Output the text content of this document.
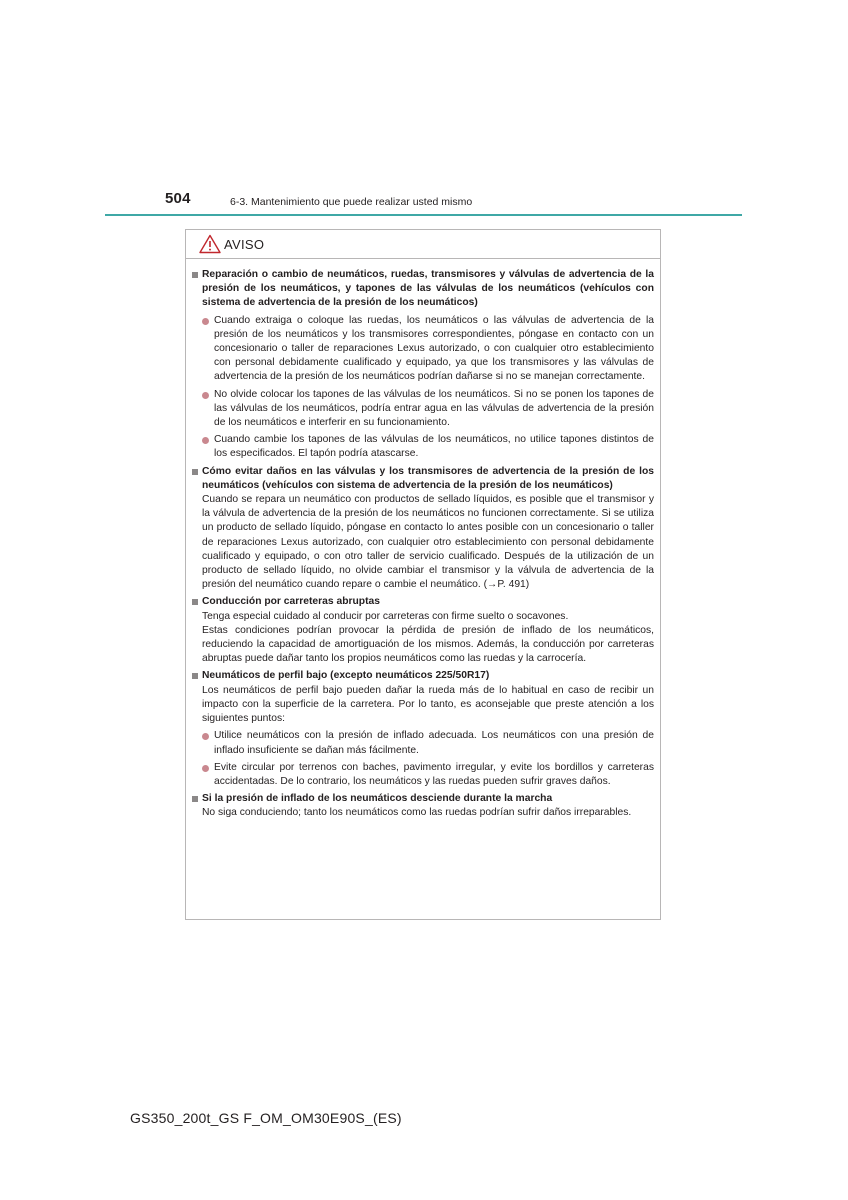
504	6-3. Mantenimiento que puede realizar usted mismo
AVISO
Reparación o cambio de neumáticos, ruedas, transmisores y válvulas de advertencia de la presión de los neumáticos, y tapones de las válvulas de los neumáticos (vehículos con sistema de advertencia de la presión de los neumáticos)
Cuando extraiga o coloque las ruedas, los neumáticos o las válvulas de advertencia de la presión de los neumáticos y los transmisores correspondientes, póngase en contacto con un concesionario o taller de reparaciones Lexus autorizado, o con cualquier otro establecimiento con personal debidamente cualificado y equipado, ya que los transmisores y las válvulas de advertencia de la presión de los neumáticos podrían dañarse si no se manejan correctamente.
No olvide colocar los tapones de las válvulas de los neumáticos. Si no se ponen los tapones de las válvulas de los neumáticos, podría entrar agua en las válvulas de advertencia de la presión de los neumáticos e interferir en su funcionamiento.
Cuando cambie los tapones de las válvulas de los neumáticos, no utilice tapones distintos de los especificados. El tapón podría atascarse.
Cómo evitar daños en las válvulas y los transmisores de advertencia de la presión de los neumáticos (vehículos con sistema de advertencia de la presión de los neumáticos)
Cuando se repara un neumático con productos de sellado líquidos, es posible que el transmisor y la válvula de advertencia de la presión de los neumáticos no funcionen correctamente. Si se utiliza un producto de sellado líquido, póngase en contacto lo antes posible con un concesionario o taller de reparaciones Lexus autorizado, con cualquier otro establecimiento con personal debidamente cualificado y equipado, o con otro taller de servicio cualificado. Después de la utilización de un producto de sellado líquido, no olvide cambiar el transmisor y la válvula de advertencia de la presión del neumático cuando repare o cambie el neumático. (→P. 491)
Conducción por carreteras abruptas
Tenga especial cuidado al conducir por carreteras con firme suelto o socavones.
Estas condiciones podrían provocar la pérdida de presión de inflado de los neumáticos, reduciendo la capacidad de amortiguación de los mismos. Además, la conducción por carreteras abruptas puede dañar tanto los propios neumáticos como las ruedas y la carrocería.
Neumáticos de perfil bajo (excepto neumáticos 225/50R17)
Los neumáticos de perfil bajo pueden dañar la rueda más de lo habitual en caso de recibir un impacto con la superficie de la carretera. Por lo tanto, es aconsejable que preste atención a los siguientes puntos:
Utilice neumáticos con la presión de inflado adecuada. Los neumáticos con una presión de inflado insuficiente se dañan más fácilmente.
Evite circular por terrenos con baches, pavimento irregular, y evite los bordillos y carreteras accidentadas. De lo contrario, los neumáticos y las ruedas pueden sufrir graves daños.
Si la presión de inflado de los neumáticos desciende durante la marcha
No siga conduciendo; tanto los neumáticos como las ruedas podrían sufrir daños irreparables.
GS350_200t_GS F_OM_OM30E90S_(ES)
